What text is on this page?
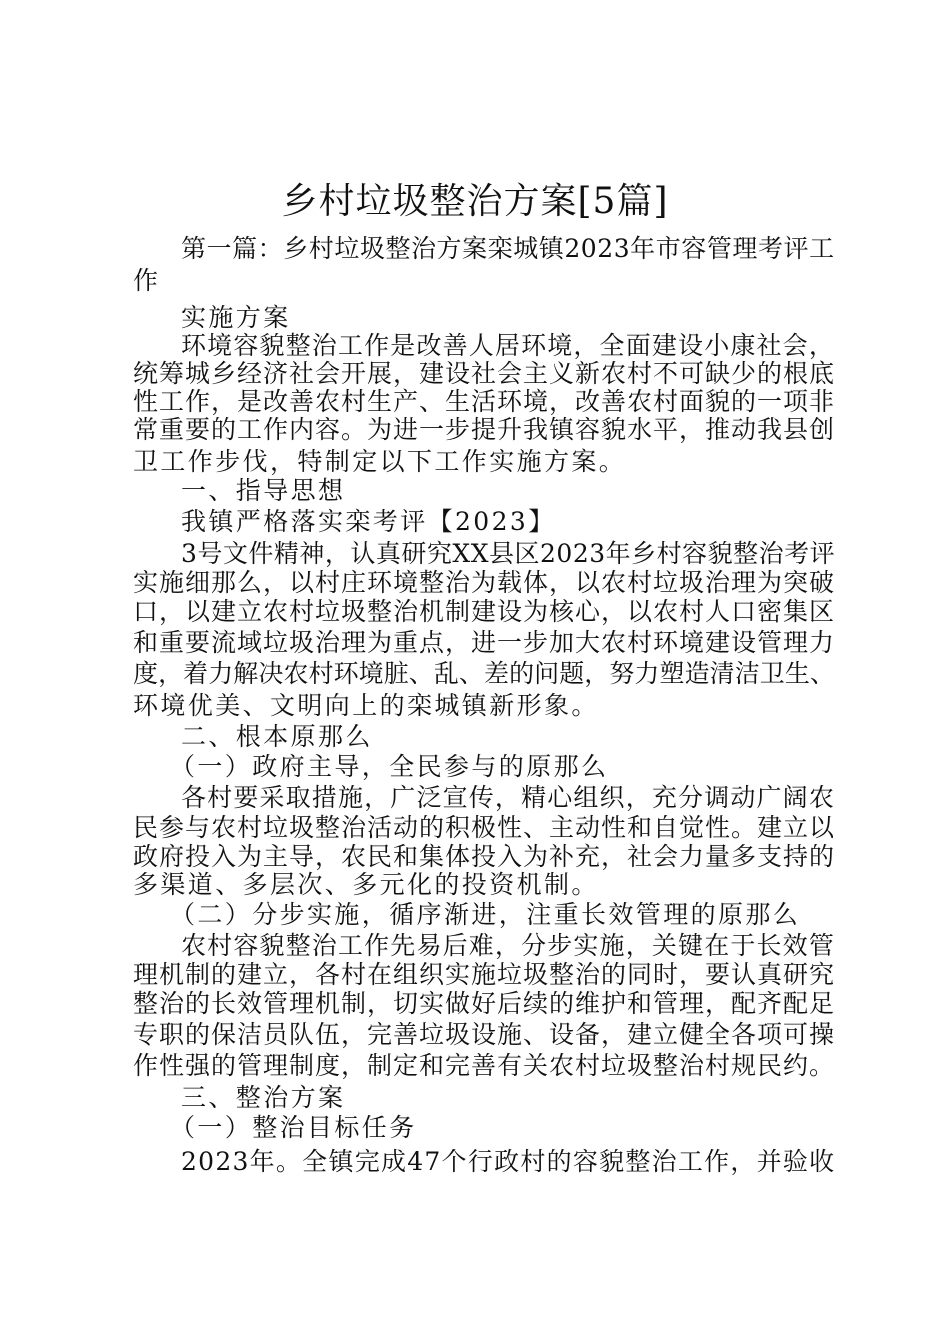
乡村垃圾整治方案[5篇]
第一篇：乡村垃圾整治方案栾城镇2023年市容管理考评工
作
实施方案
环境容貌整治工作是改善人居环境，全面建设小康社会，
统筹城乡经济社会开展，建设社会主义新农村不可缺少的根底
性工作，是改善农村生产、生活环境，改善农村面貌的一项非
常重要的工作内容。为进一步提升我镇容貌水平，推动我县创
卫工作步伐，特制定以下工作实施方案。
一、指导思想
我镇严格落实栾考评【2023】
3号文件精神，认真研究XX县区2023年乡村容貌整治考评
实施细那么，以村庄环境整治为载体，以农村垃圾治理为突破
口，以建立农村垃圾整治机制建设为核心，以农村人口密集区
和重要流域垃圾治理为重点，进一步加大农村环境建设管理力
度，着力解决农村环境脏、乱、差的问题，努力塑造清洁卫生、
环境优美、文明向上的栾城镇新形象。
二、根本原那么
（一）政府主导，全民参与的原那么
各村要采取措施，广泛宣传，精心组织，充分调动广阔农
民参与农村垃圾整治活动的积极性、主动性和自觉性。建立以
政府投入为主导，农民和集体投入为补充，社会力量多支持的
多渠道、多层次、多元化的投资机制。
（二）分步实施，循序渐进，注重长效管理的原那么
农村容貌整治工作先易后难，分步实施，关键在于长效管
理机制的建立，各村在组织实施垃圾整治的同时，要认真研究
整治的长效管理机制，切实做好后续的维护和管理，配齐配足
专职的保洁员队伍，完善垃圾设施、设备，建立健全各项可操
作性强的管理制度，制定和完善有关农村垃圾整治村规民约。
三、整治方案
（一）整治目标任务
2023年。全镇完成47个行政村的容貌整治工作，并验收
